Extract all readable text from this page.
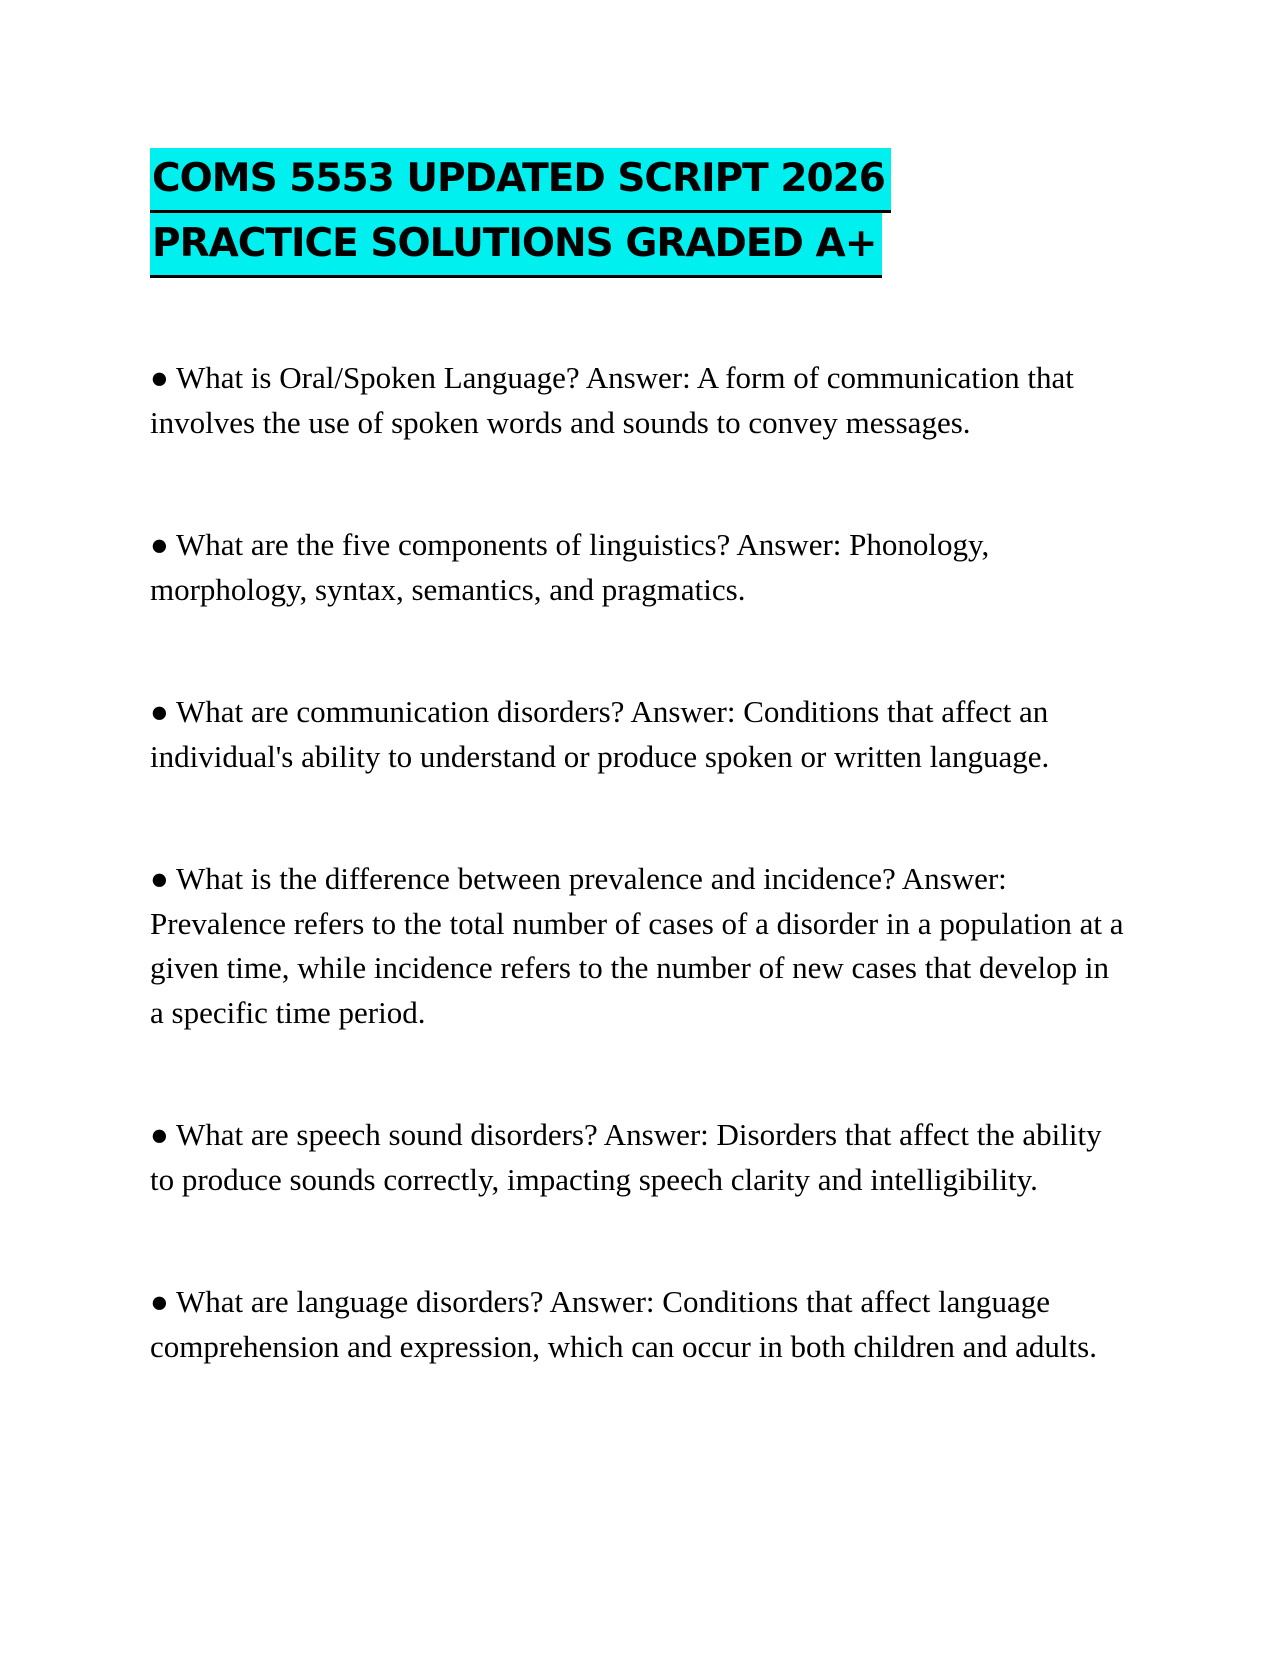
COMS 5553 UPDATED SCRIPT 2026
PRACTICE SOLUTIONS GRADED A+
● What is Oral/Spoken Language? Answer: A form of communication that involves the use of spoken words and sounds to convey messages.
● What are the five components of linguistics? Answer: Phonology, morphology, syntax, semantics, and pragmatics.
● What are communication disorders? Answer: Conditions that affect an individual's ability to understand or produce spoken or written language.
● What is the difference between prevalence and incidence? Answer: Prevalence refers to the total number of cases of a disorder in a population at a given time, while incidence refers to the number of new cases that develop in a specific time period.
● What are speech sound disorders? Answer: Disorders that affect the ability to produce sounds correctly, impacting speech clarity and intelligibility.
● What are language disorders? Answer: Conditions that affect language comprehension and expression, which can occur in both children and adults.
